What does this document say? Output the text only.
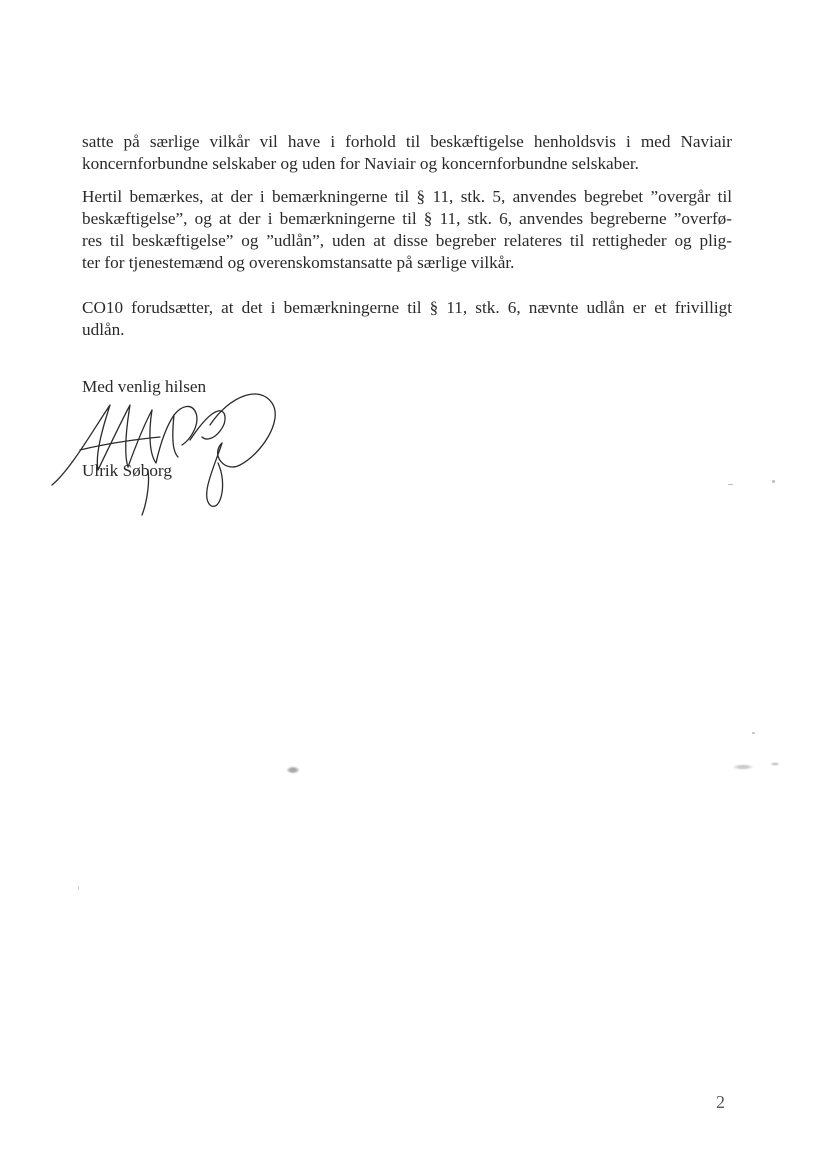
satte på særlige vilkår vil have i forhold til beskæftigelse henholdsvis i med Naviair
koncernforbundne selskaber og uden for Naviair og koncernforbundne selskaber.

Hertil bemærkes, at der i bemærkningerne til § 11, stk. 5, anvendes begrebet ”overgår til
beskæftigelse”, og at der i bemærkningerne til § 11, stk. 6, anvendes begreberne ”overfø-
res til beskæftigelse” og ”udlån”, uden at disse begreber relateres til rettigheder og plig-
ter for tjenestemænd og overenskomstansatte på særlige vilkår.

CO10 forudsætter, at det i bemærkningerne til § 11, stk. 6, nævnte udlån er et frivilligt
udlån.

Med venlig hilsen

Ulrik Søborg

2
